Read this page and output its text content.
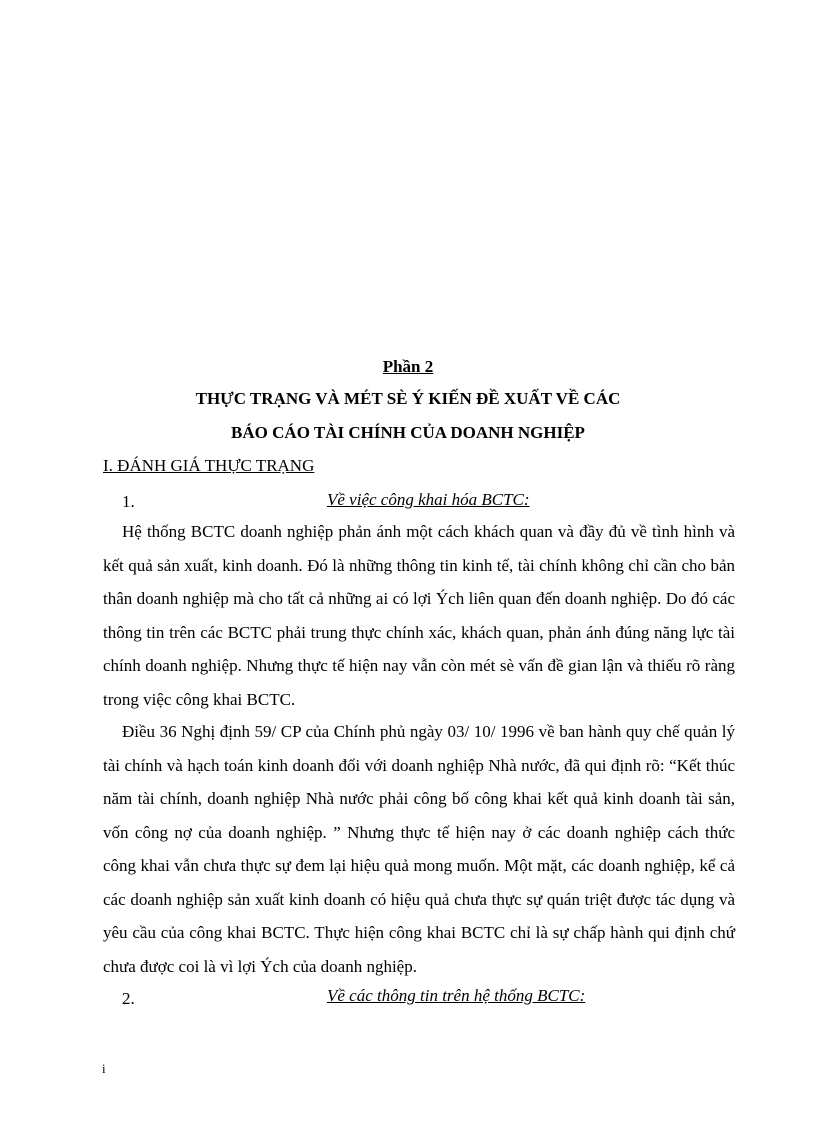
Phần 2
THỰC TRẠNG VÀ MÉT SÈ Ý KIẾN ĐỀ XUẤT VỀ CÁC
BÁO CÁO TÀI CHÍNH CỦA DOANH NGHIỆP
I. ĐÁNH GIÁ THỰC TRẠNG
1.	Về việc công khai hóa BCTC:

Hệ thống BCTC doanh nghiệp phản ánh một cách khách quan và đầy đủ về tình hình và kết quả sản xuất, kinh doanh. Đó là những thông tin kinh tế, tài chính không chỉ cần cho bản thân doanh nghiệp mà cho tất cả những ai có lợi Ých liên quan đến doanh nghiệp. Do đó các thông tin trên các BCTC phải trung thực chính xác, khách quan, phản ánh đúng năng lực tài chính doanh nghiệp. Nhưng thực tế hiện nay vẫn còn mét sè vấn đề gian lận và thiếu rõ ràng trong việc công khai BCTC.

Điều 36 Nghị định 59/ CP của Chính phủ ngày 03/ 10/ 1996 về ban hành quy chế quản lý tài chính và hạch toán kinh doanh đối với doanh nghiệp Nhà nước, đã qui định rõ: “Kết thúc năm tài chính, doanh nghiệp Nhà nước phải công bố công khai kết quả kinh doanh tài sản, vốn công nợ của doanh nghiệp. ” Nhưng thực tế hiện nay ở các doanh nghiệp cách thức công khai vẫn chưa thực sự đem lại hiệu quả mong muốn. Một mặt, các doanh nghiệp, kể cả các doanh nghiệp sản xuất kinh doanh có hiệu quả chưa thực sự quán triệt được tác dụng và yêu cầu của công khai BCTC. Thực hiện công khai BCTC chỉ là sự chấp hành qui định chứ chưa được coi là vì lợi Ých của doanh nghiệp.

2.	Về các thông tin trên hệ thống BCTC:
i
